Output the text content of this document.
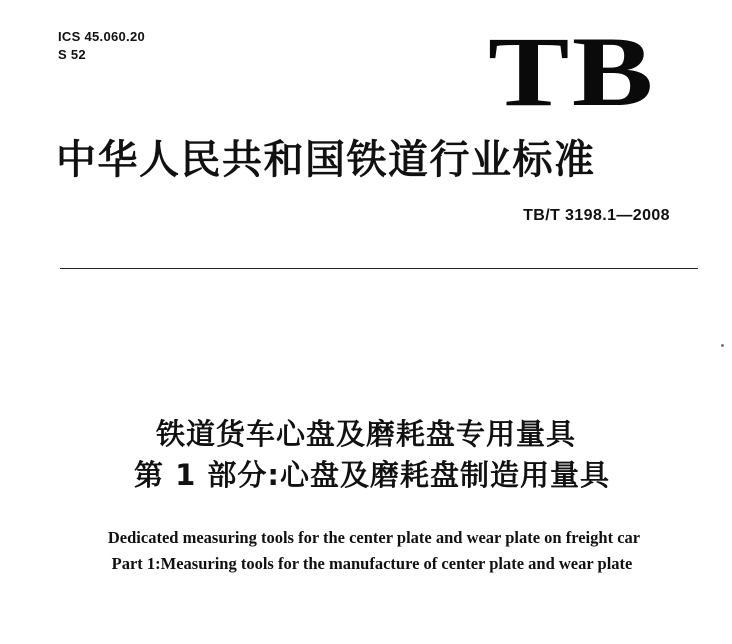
ICS 45.060.20
S 52	TB
中华人民共和国铁道行业标准
TB/T 3198.1—2008
铁道货车心盘及磨耗盘专用量具
第 1 部分:心盘及磨耗盘制造用量具
Dedicated measuring tools for the center plate and wear plate on freight car
Part 1:Measuring tools for the manufacture of center plate and wear plate
